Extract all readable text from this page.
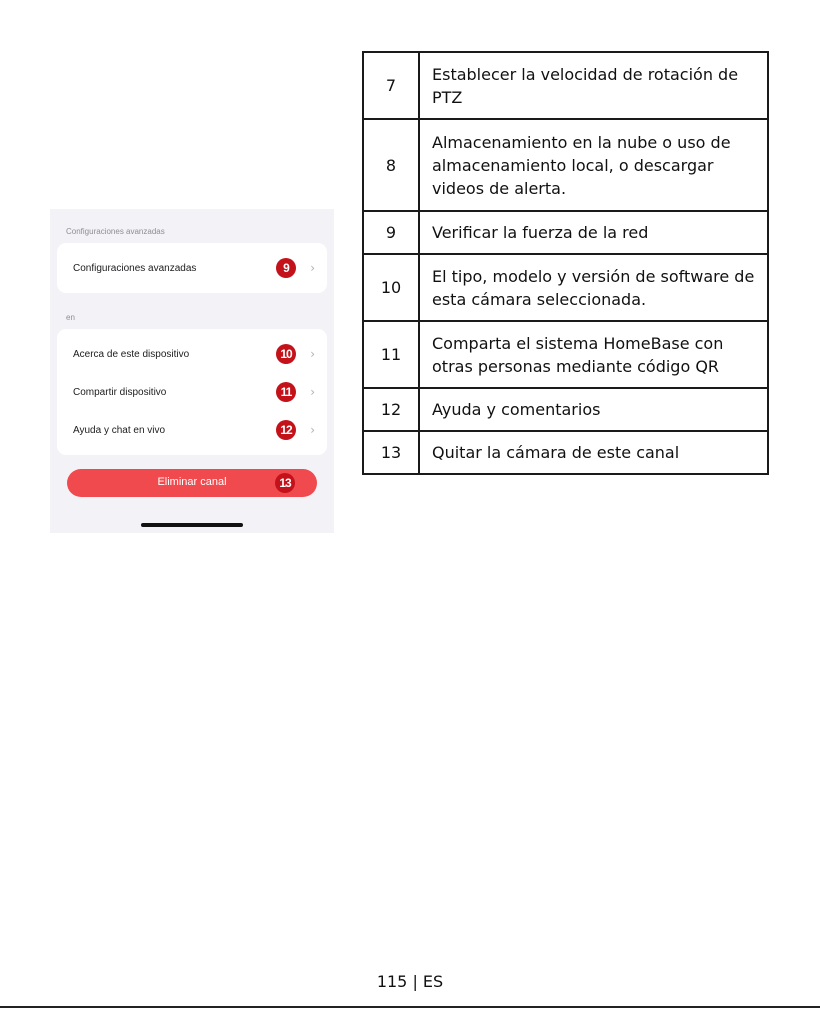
Configuraciones avanzadas
Configuraciones avanzadas	9	›
en
Acerca de este dispositivo	10	›
Compartir dispositivo	11	›
Ayuda y chat en vivo	12	›
Eliminar canal	13
7	Establecer la velocidad de rotación de PTZ
8	Almacenamiento en la nube o uso de almacenamiento local, o descargar videos de alerta.
9	Verificar la fuerza de la red
10	El tipo, modelo y versión de software de esta cámara seleccionada.
11	Comparta el sistema HomeBase con otras personas mediante código QR
12	Ayuda y comentarios
13	Quitar la cámara de este canal
115 | ES
